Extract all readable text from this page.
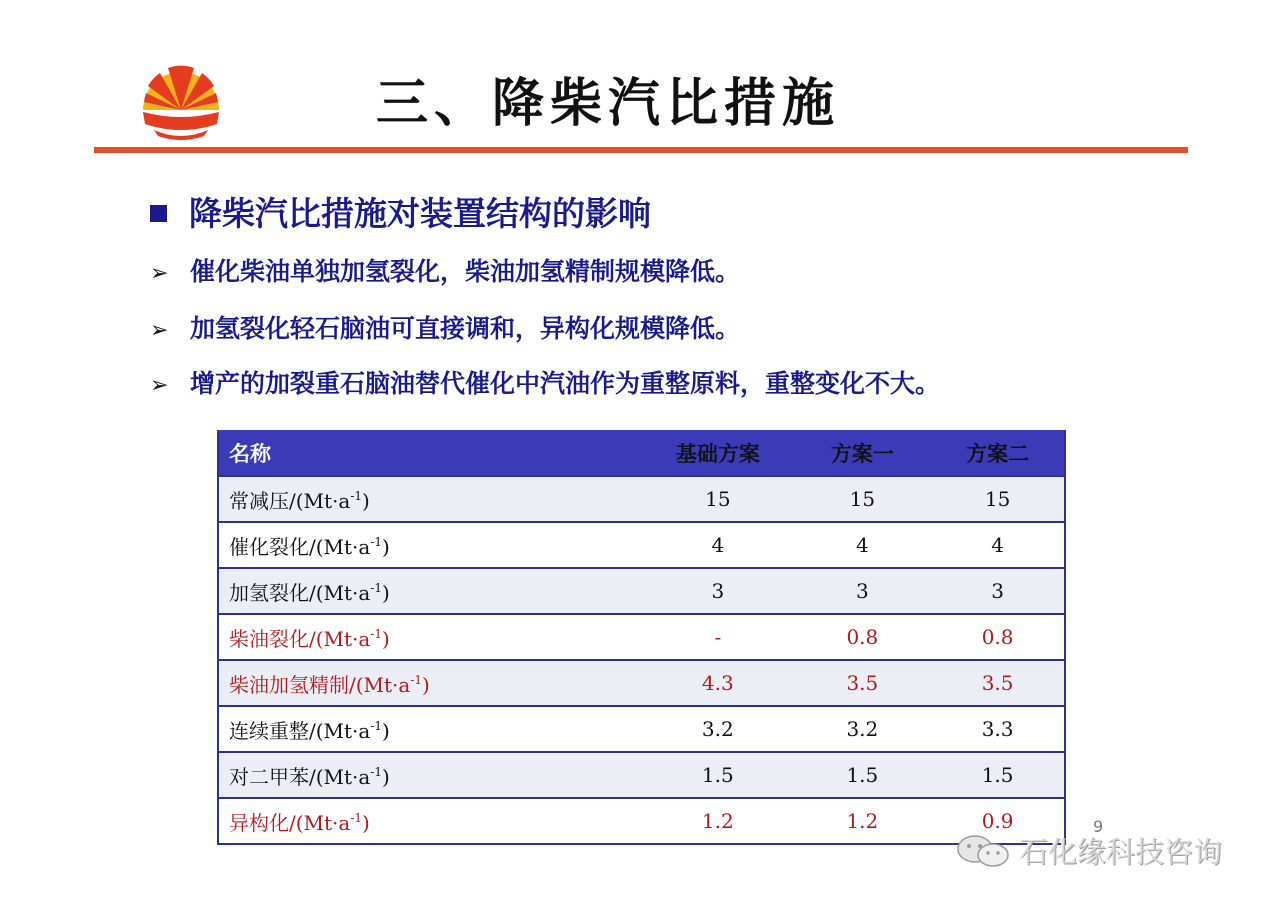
三、降柴汽比措施
降柴汽比措施对装置结构的影响
➢ 催化柴油单独加氢裂化，柴油加氢精制规模降低。
➢ 加氢裂化轻石脑油可直接调和，异构化规模降低。
➢ 增产的加裂重石脑油替代催化中汽油作为重整原料，重整变化不大。
名称	基础方案	方案一	方案二
常减压$/(Mt\cdot a^{-1})$	15	15	15
催化裂化$/(Mt\cdot a^{-1})$	4	4	4
加氢裂化$/(Mt\cdot a^{-1})$	3	3	3
柴油裂化$/(Mt\cdot a^{-1})$	-	0.8	0.8
柴油加氢精制$/(Mt\cdot a^{-1})$	4.3	3.5	3.5
连续重整$/(Mt\cdot a^{-1})$	3.2	3.2	3.3
对二甲苯$/(Mt\cdot a^{-1})$	1.5	1.5	1.5
异构化$/(Mt\cdot a^{-1})$	1.2	1.2	0.9	9
石化缘科技咨询
